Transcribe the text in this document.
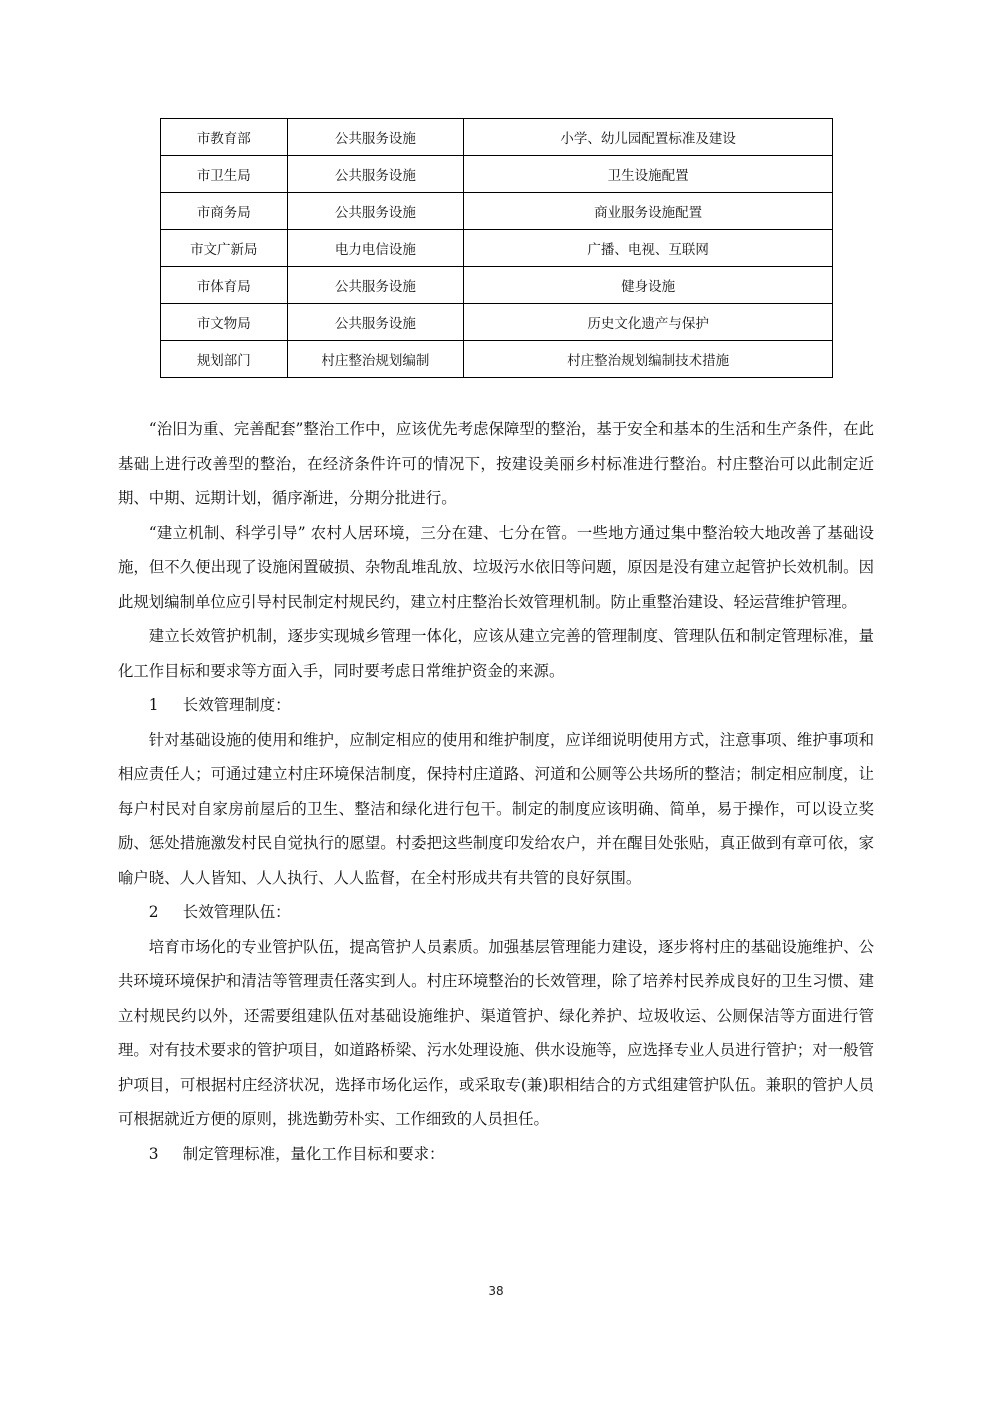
市教育部	公共服务设施	小学、幼儿园配置标准及建设
市卫生局	公共服务设施	卫生设施配置
市商务局	公共服务设施	商业服务设施配置
市文广新局	电力电信设施	广播、电视、互联网
市体育局	公共服务设施	健身设施
市文物局	公共服务设施	历史文化遗产与保护
规划部门	村庄整治规划编制	村庄整治规划编制技术措施

“治旧为重、完善配套”整治工作中，应该优先考虑保障型的整治，基于安全和基本的生活和生产条件，在此基础上进行改善型的整治，在经济条件许可的情况下，按建设美丽乡村标准进行整治。村庄整治可以此制定近期、中期、远期计划，循序渐进，分期分批进行。

“建立机制、科学引导” 农村人居环境，三分在建、七分在管。一些地方通过集中整治较大地改善了基础设施，但不久便出现了设施闲置破损、杂物乱堆乱放、垃圾污水依旧等问题，原因是没有建立起管护长效机制。因此规划编制单位应引导村民制定村规民约，建立村庄整治长效管理机制。防止重整治建设、轻运营维护管理。

建立长效管护机制，逐步实现城乡管理一体化，应该从建立完善的管理制度、管理队伍和制定管理标准，量化工作目标和要求等方面入手，同时要考虑日常维护资金的来源。

1 长效管理制度：

针对基础设施的使用和维护，应制定相应的使用和维护制度，应详细说明使用方式，注意事项、维护事项和相应责任人；可通过建立村庄环境保洁制度，保持村庄道路、河道和公厕等公共场所的整洁；制定相应制度，让每户村民对自家房前屋后的卫生、整洁和绿化进行包干。制定的制度应该明确、简单，易于操作，可以设立奖励、惩处措施激发村民自觉执行的愿望。村委把这些制度印发给农户，并在醒目处张贴，真正做到有章可依，家喻户晓、人人皆知、人人执行、人人监督，在全村形成共有共管的良好氛围。

2 长效管理队伍：

培育市场化的专业管护队伍，提高管护人员素质。加强基层管理能力建设，逐步将村庄的基础设施维护、公共环境环境保护和清洁等管理责任落实到人。村庄环境整治的长效管理，除了培养村民养成良好的卫生习惯、建立村规民约以外，还需要组建队伍对基础设施维护、渠道管护、绿化养护、垃圾收运、公厕保洁等方面进行管理。对有技术要求的管护项目，如道路桥梁、污水处理设施、供水设施等，应选择专业人员进行管护；对一般管护项目，可根据村庄经济状况，选择市场化运作，或采取专(兼)职相结合的方式组建管护队伍。兼职的管护人员可根据就近方便的原则，挑选勤劳朴实、工作细致的人员担任。

3 制定管理标准，量化工作目标和要求：

38
